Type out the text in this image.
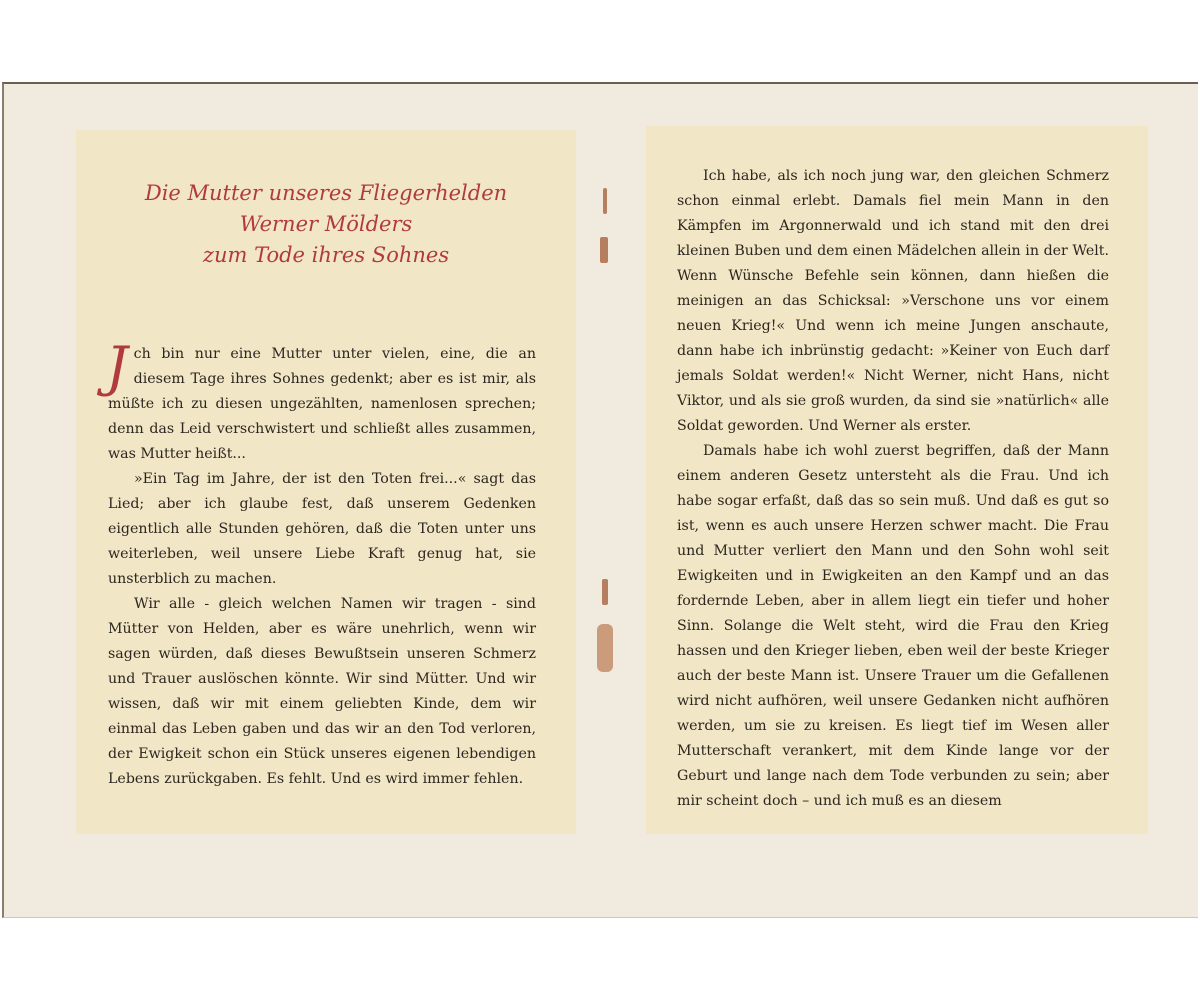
Die Mutter unseres Fliegerhelden
Werner Mölders
zum Tode ihres Sohnes

Jch bin nur eine Mutter unter vielen, eine, die an diesem Tage ihres Sohnes gedenkt; aber es ist mir, als müßte ich zu diesen ungezählten, namenlosen sprechen; denn das Leid verschwistert und schließt alles zusammen, was Mutter heißt...

»Ein Tag im Jahre, der ist den Toten frei...« sagt das Lied; aber ich glaube fest, daß unserem Gedenken eigentlich alle Stunden gehören, daß die Toten unter uns weiterleben, weil unsere Liebe Kraft genug hat, sie unsterblich zu machen.

Wir alle - gleich welchen Namen wir tragen - sind Mütter von Helden, aber es wäre unehrlich, wenn wir sagen würden, daß dieses Bewußtsein unseren Schmerz und Trauer auslöschen könnte. Wir sind Mütter. Und wir wissen, daß wir mit einem geliebten Kinde, dem wir einmal das Leben gaben und das wir an den Tod verloren, der Ewigkeit schon ein Stück unseres eigenen lebendigen Lebens zurückgaben. Es fehlt. Und es wird immer fehlen.

Ich habe, als ich noch jung war, den gleichen Schmerz schon einmal erlebt. Damals fiel mein Mann in den Kämpfen im Argonnerwald und ich stand mit den drei kleinen Buben und dem einen Mädelchen allein in der Welt. Wenn Wünsche Befehle sein können, dann hießen die meinigen an das Schicksal: »Verschone uns vor einem neuen Krieg!« Und wenn ich meine Jungen anschaute, dann habe ich inbrünstig gedacht: »Keiner von Euch darf jemals Soldat werden!« Nicht Werner, nicht Hans, nicht Viktor, und als sie groß wurden, da sind sie »natürlich« alle Soldat geworden. Und Werner als erster.

Damals habe ich wohl zuerst begriffen, daß der Mann einem anderen Gesetz untersteht als die Frau. Und ich habe sogar erfaßt, daß das so sein muß. Und daß es gut so ist, wenn es auch unsere Herzen schwer macht. Die Frau und Mutter verliert den Mann und den Sohn wohl seit Ewigkeiten und in Ewigkeiten an den Kampf und an das fordernde Leben, aber in allem liegt ein tiefer und hoher Sinn. Solange die Welt steht, wird die Frau den Krieg hassen und den Krieger lieben, eben weil der beste Krieger auch der beste Mann ist. Unsere Trauer um die Gefallenen wird nicht aufhören, weil unsere Gedanken nicht aufhören werden, um sie zu kreisen. Es liegt tief im Wesen aller Mutterschaft verankert, mit dem Kinde lange vor der Geburt und lange nach dem Tode verbunden zu sein; aber mir scheint doch – und ich muß es an diesem
